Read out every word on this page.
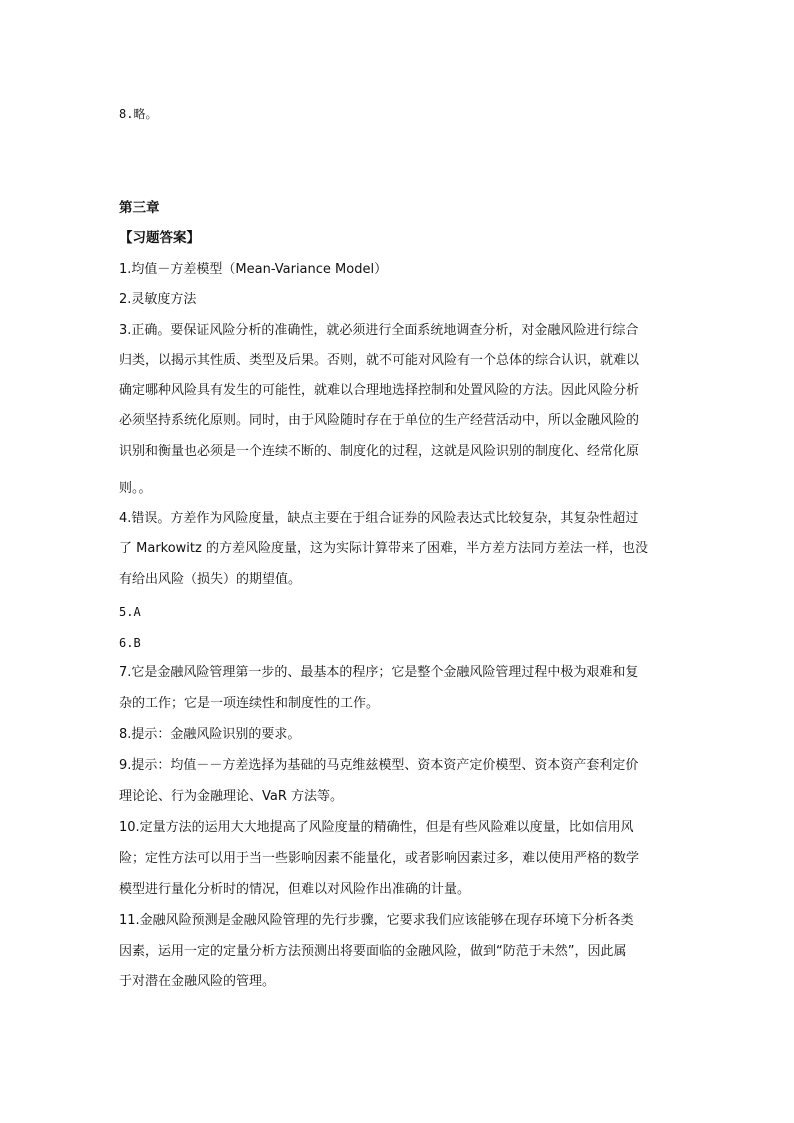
8.略。
第三章
【习题答案】
1.均值－方差模型（Mean-Variance Model）
2.灵敏度方法
3.正确。要保证风险分析的准确性，就必须进行全面系统地调查分析，对金融风险进行综合
归类，以揭示其性质、类型及后果。否则，就不可能对风险有一个总体的综合认识，就难以
确定哪种风险具有发生的可能性，就难以合理地选择控制和处置风险的方法。因此风险分析
必须坚持系统化原则。同时，由于风险随时存在于单位的生产经营活动中，所以金融风险的
识别和衡量也必须是一个连续不断的、制度化的过程，这就是风险识别的制度化、经常化原
则。。
4.错误。方差作为风险度量，缺点主要在于组合证券的风险表达式比较复杂，其复杂性超过
了 Markowitz 的方差风险度量，这为实际计算带来了困难，半方差方法同方差法一样，也没
有给出风险（损失）的期望值。
5.A
6.B
7.它是金融风险管理第一步的、最基本的程序；它是整个金融风险管理过程中极为艰难和复
杂的工作；它是一项连续性和制度性的工作。
8.提示：金融风险识别的要求。
9.提示：均值－－方差选择为基础的马克维兹模型、资本资产定价模型、资本资产套利定价
理论论、行为金融理论、VaR 方法等。
10.定量方法的运用大大地提高了风险度量的精确性，但是有些风险难以度量，比如信用风
险；定性方法可以用于当一些影响因素不能量化，或者影响因素过多，难以使用严格的数学
模型进行量化分析时的情况，但难以对风险作出准确的计量。
11.金融风险预测是金融风险管理的先行步骤，它要求我们应该能够在现存环境下分析各类
因素，运用一定的定量分析方法预测出将要面临的金融风险，做到“防范于未然”，因此属
于对潜在金融风险的管理。
